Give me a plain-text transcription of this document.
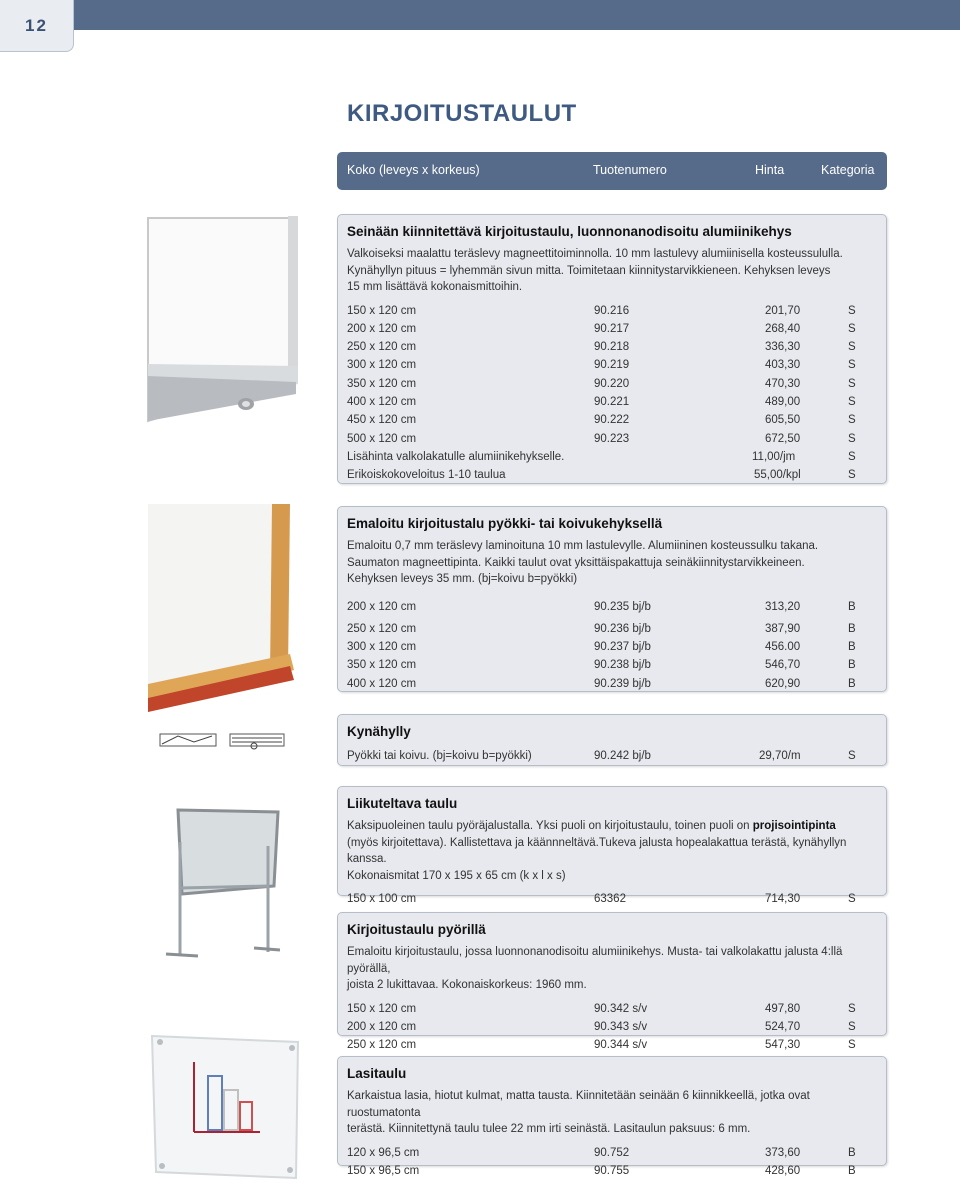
12
KIRJOITUSTAULUT
Koko (leveys x korkeus)	Tuotenumero	Hinta	Kategoria
Seinään kiinnitettävä kirjoitustaulu, luonnonanodisoitu alumiinikehys
Valkoiseksi maalattu teräslevy magneettitoiminnolla. 10 mm lastulevy alumiinisella kosteussululla.
Kynähyllyn pituus = lyhemmän sivun mitta. Toimitetaan kiinnitystarvikkieneen. Kehyksen leveys
15 mm lisättävä kokonaismittoihin.
150 x 120 cm	90.216	201,70	S
200 x 120 cm	90.217	268,40	S
250 x 120 cm	90.218	336,30	S
300 x 120 cm	90.219	403,30	S
350 x 120 cm	90.220	470,30	S
400 x 120 cm	90.221	489,00	S
450 x 120 cm	90.222	605,50	S
500 x 120 cm	90.223	672,50	S
Lisähinta valkolakatulle alumiinikehykselle.	11,00/jm	S
Erikoiskokoveloitus 1-10 taulua	55,00/kpl	S
Emaloitu kirjoitustalu pyökki- tai koivukehyksellä
Emaloitu 0,7 mm teräslevy laminoituna 10 mm lastulevylle. Alumiininen kosteussulku takana.
Saumaton magneettipinta. Kaikki taulut ovat yksittäispakattuja seinäkiinnitystarvikkeineen.
Kehyksen leveys 35 mm. (bj=koivu b=pyökki)
200 x 120 cm	90.235 bj/b	313,20	B
250 x 120 cm	90.236 bj/b	387,90	B
300 x 120 cm	90.237 bj/b	456.00	B
350 x 120 cm	90.238 bj/b	546,70	B
400 x 120 cm	90.239 bj/b	620,90	B
Kynähylly
Pyökki tai koivu. (bj=koivu b=pyökki)	90.242 bj/b	29,70/m	S
Liikuteltava taulu
Kaksipuoleinen taulu pyöräjalustalla. Yksi puoli on kirjoitustaulu, toinen puoli on projisointipinta
(myös kirjoitettava). Kallistettava ja käännneltävä.Tukeva jalusta hopealakattua terästä, kynähyllyn kanssa.
Kokonaismitat 170 x 195 x 65 cm (k x l x s)
150 x 100 cm	63362	714,30	S
Kirjoitustaulu pyörillä
Emaloitu kirjoitustaulu, jossa luonnonanodisoitu alumiinikehys. Musta- tai valkolakattu jalusta 4:llä pyörällä,
joista 2 lukittavaa. Kokonaiskorkeus: 1960 mm.
150 x 120 cm	90.342 s/v	497,80	S
200 x 120 cm	90.343 s/v	524,70	S
250 x 120 cm	90.344 s/v	547,30	S
Lasitaulu
Karkaistua lasia, hiotut kulmat, matta tausta. Kiinnitetään seinään 6 kiinnikkeellä, jotka ovat ruostumatonta
terästä. Kiinnitettynä taulu tulee 22 mm irti seinästä. Lasitaulun paksuus: 6 mm.
120 x 96,5 cm	90.752	373,60	B
150 x 96,5 cm	90.755	428,60	B
